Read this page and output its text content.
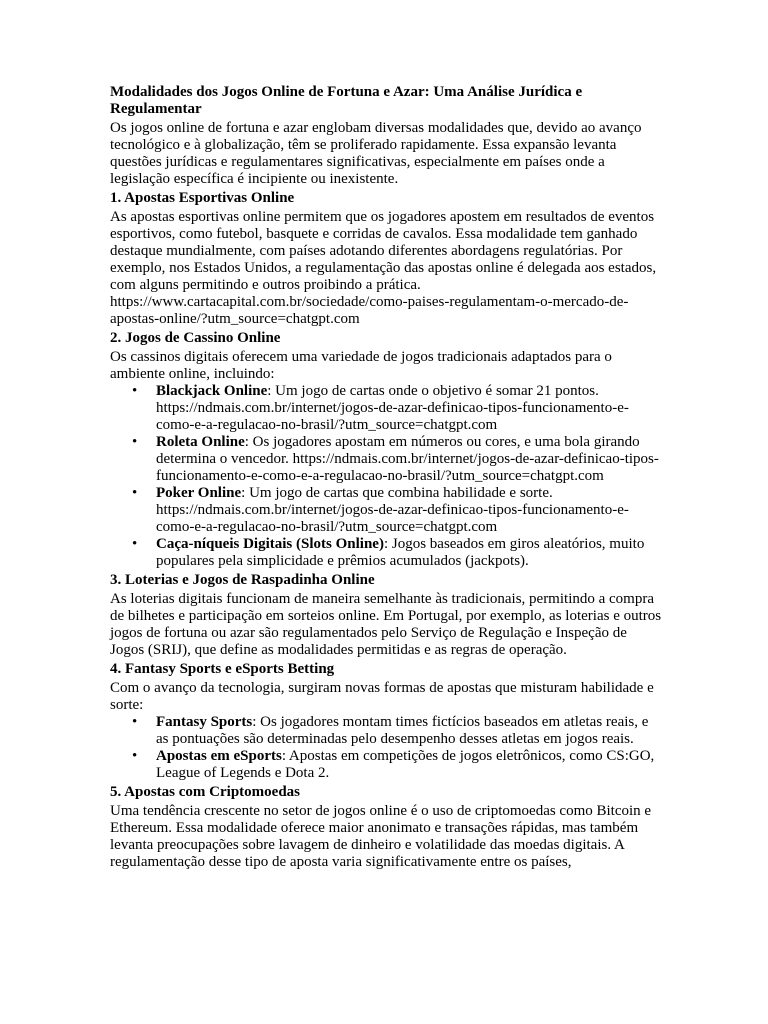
Modalidades dos Jogos Online de Fortuna e Azar: Uma Análise Jurídica e Regulamentar

Os jogos online de fortuna e azar englobam diversas modalidades que, devido ao avanço tecnológico e à globalização, têm se proliferado rapidamente. Essa expansão levanta questões jurídicas e regulamentares significativas, especialmente em países onde a legislação específica é incipiente ou inexistente.

1. Apostas Esportivas Online

As apostas esportivas online permitem que os jogadores apostem em resultados de eventos esportivos, como futebol, basquete e corridas de cavalos. Essa modalidade tem ganhado destaque mundialmente, com países adotando diferentes abordagens regulatórias. Por exemplo, nos Estados Unidos, a regulamentação das apostas online é delegada aos estados, com alguns permitindo e outros proibindo a prática.

https://www.cartacapital.com.br/sociedade/como-paises-regulamentam-o-mercado-de-apostas-online/?utm_source=chatgpt.com

2. Jogos de Cassino Online

Os cassinos digitais oferecem uma variedade de jogos tradicionais adaptados para o ambiente online, incluindo:

• Blackjack Online: Um jogo de cartas onde o objetivo é somar 21 pontos. https://ndmais.com.br/internet/jogos-de-azar-definicao-tipos-funcionamento-e-como-e-a-regulacao-no-brasil/?utm_source=chatgpt.com
• Roleta Online: Os jogadores apostam em números ou cores, e uma bola girando determina o vencedor. https://ndmais.com.br/internet/jogos-de-azar-definicao-tipos-funcionamento-e-como-e-a-regulacao-no-brasil/?utm_source=chatgpt.com
• Poker Online: Um jogo de cartas que combina habilidade e sorte. https://ndmais.com.br/internet/jogos-de-azar-definicao-tipos-funcionamento-e-como-e-a-regulacao-no-brasil/?utm_source=chatgpt.com
• Caça-níqueis Digitais (Slots Online): Jogos baseados em giros aleatórios, muito populares pela simplicidade e prêmios acumulados (jackpots).

3. Loterias e Jogos de Raspadinha Online

As loterias digitais funcionam de maneira semelhante às tradicionais, permitindo a compra de bilhetes e participação em sorteios online. Em Portugal, por exemplo, as loterias e outros jogos de fortuna ou azar são regulamentados pelo Serviço de Regulação e Inspeção de Jogos (SRIJ), que define as modalidades permitidas e as regras de operação.

4. Fantasy Sports e eSports Betting

Com o avanço da tecnologia, surgiram novas formas de apostas que misturam habilidade e sorte:

• Fantasy Sports: Os jogadores montam times fictícios baseados em atletas reais, e as pontuações são determinadas pelo desempenho desses atletas em jogos reais.
• Apostas em eSports: Apostas em competições de jogos eletrônicos, como CS:GO, League of Legends e Dota 2.

5. Apostas com Criptomoedas

Uma tendência crescente no setor de jogos online é o uso de criptomoedas como Bitcoin e Ethereum. Essa modalidade oferece maior anonimato e transações rápidas, mas também levanta preocupações sobre lavagem de dinheiro e volatilidade das moedas digitais. A regulamentação desse tipo de aposta varia significativamente entre os países,
